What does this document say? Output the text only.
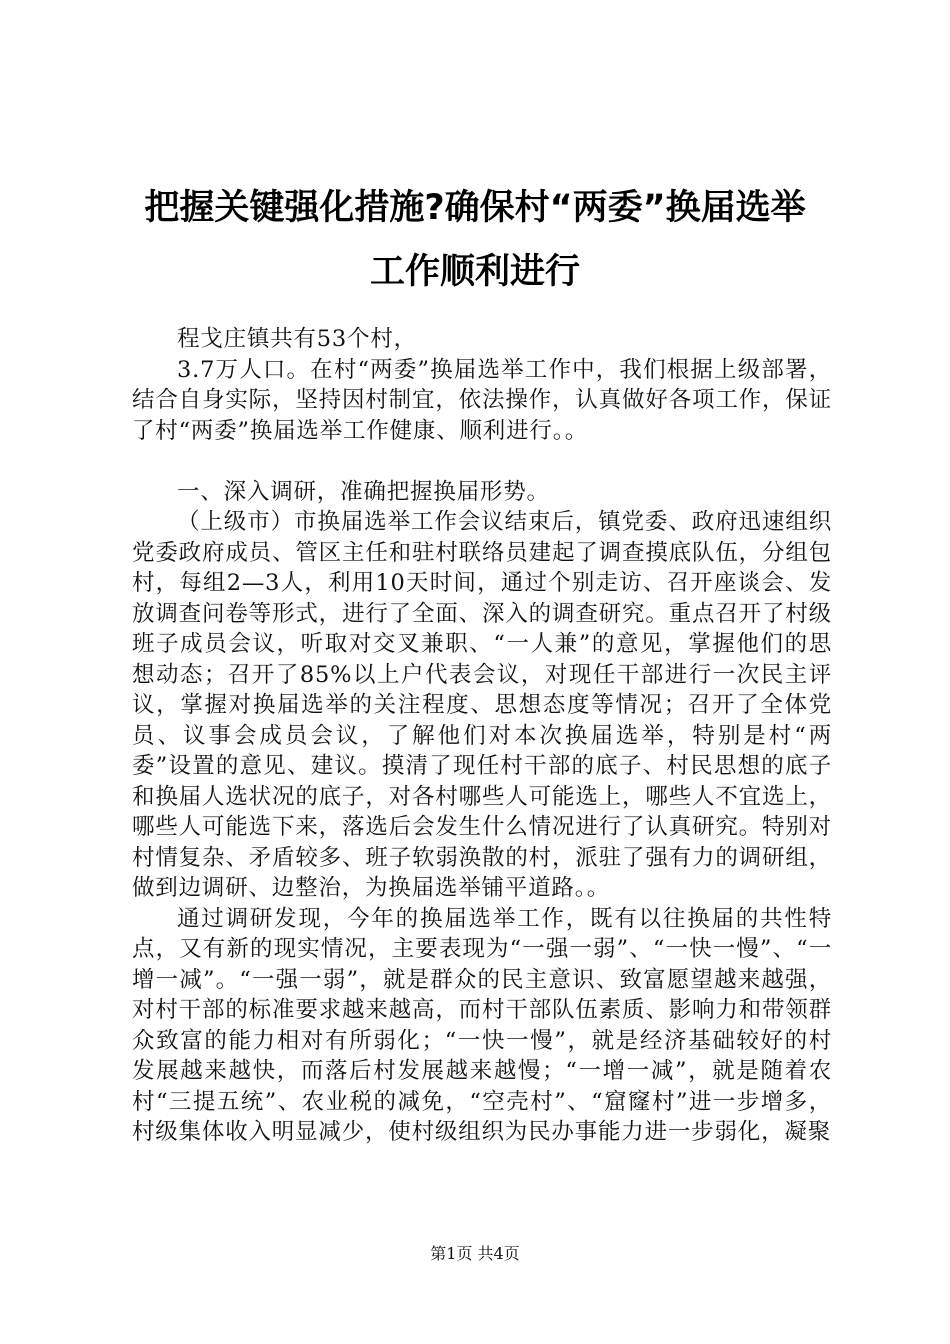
把握关键强化措施?确保村“两委”换届选举
工作顺利进行

程戈庄镇共有53个村，

3.7万人口。在村“两委”换届选举工作中，我们根据上级部署，结合自身实际，坚持因村制宜，依法操作，认真做好各项工作，保证了村“两委”换届选举工作健康、顺利进行。。

一、深入调研，准确把握换届形势。

（上级市）市换届选举工作会议结束后，镇党委、政府迅速组织党委政府成员、管区主任和驻村联络员建起了调查摸底队伍，分组包村，每组2—3人，利用10天时间，通过个别走访、召开座谈会、发放调查问卷等形式，进行了全面、深入的调查研究。重点召开了村级班子成员会议，听取对交叉兼职、“一人兼”的意见，掌握他们的思想动态；召开了85%以上户代表会议，对现任干部进行一次民主评议，掌握对换届选举的关注程度、思想态度等情况；召开了全体党员、议事会成员会议，了解他们对本次换届选举，特别是村“两委”设置的意见、建议。摸清了现任村干部的底子、村民思想的底子和换届人选状况的底子，对各村哪些人可能选上，哪些人不宜选上，哪些人可能选下来，落选后会发生什么情况进行了认真研究。特别对村情复杂、矛盾较多、班子软弱涣散的村，派驻了强有力的调研组，做到边调研、边整治，为换届选举铺平道路。。

通过调研发现，今年的换届选举工作，既有以往换届的共性特点，又有新的现实情况，主要表现为“一强一弱”、“一快一慢”、“一增一减”。“一强一弱”，就是群众的民主意识、致富愿望越来越强，对村干部的标准要求越来越高，而村干部队伍素质、影响力和带领群众致富的能力相对有所弱化；“一快一慢”，就是经济基础较好的村发展越来越快，而落后村发展越来越慢；“一增一减”，就是随着农村“三提五统”、农业税的减免，“空壳村”、“窟窿村”进一步增多，村级集体收入明显减少，使村级组织为民办事能力进一步弱化，凝聚

第1页 共4页
